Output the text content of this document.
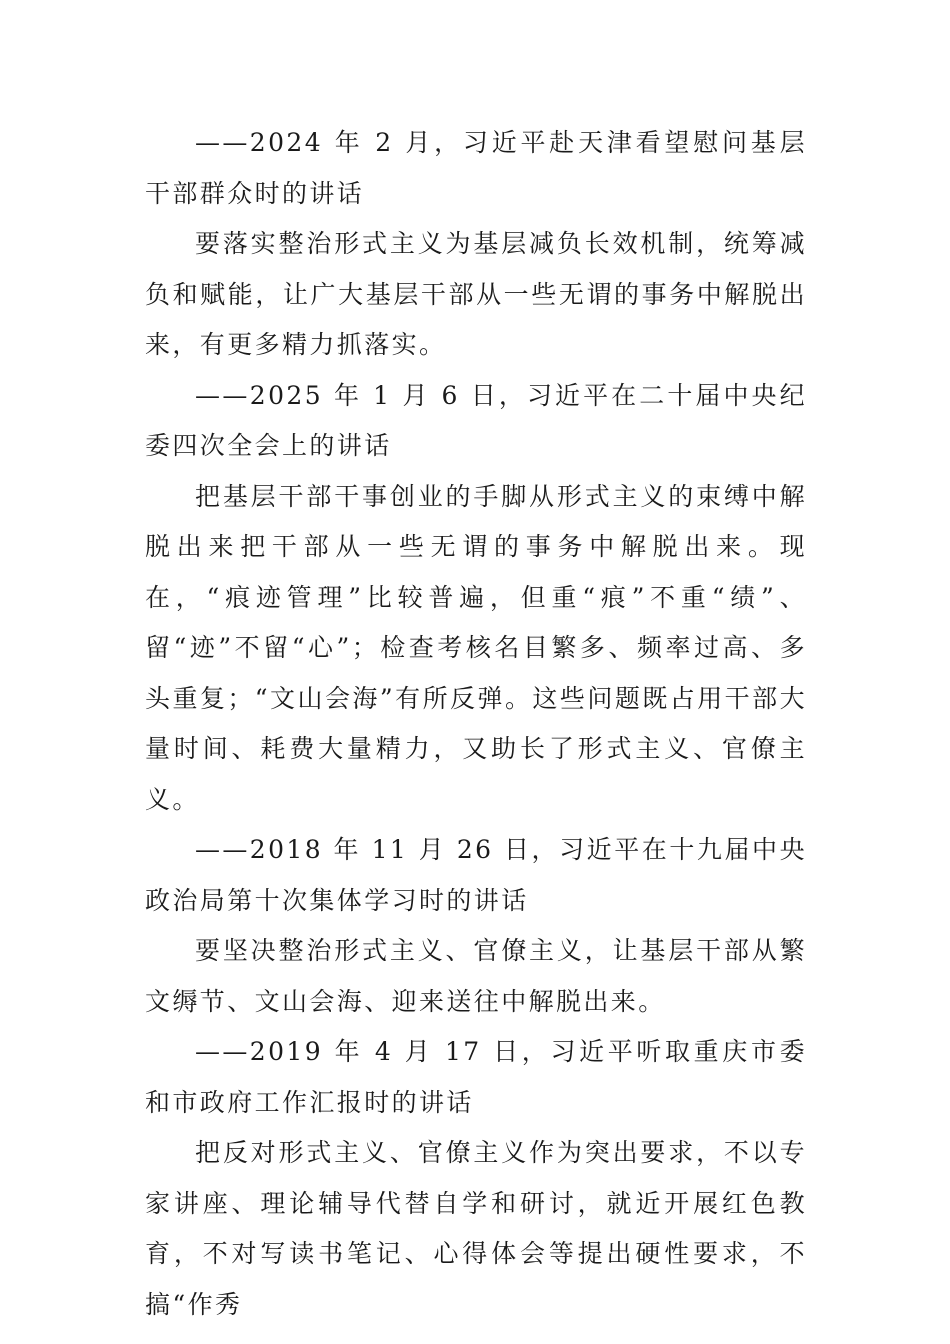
——2024 年 2 月，习近平赴天津看望慰问基层干部群众时的讲话

要落实整治形式主义为基层减负长效机制，统筹减负和赋能，让广大基层干部从一些无谓的事务中解脱出来，有更多精力抓落实。

——2025 年 1 月 6 日，习近平在二十届中央纪委四次全会上的讲话

把基层干部干事创业的手脚从形式主义的束缚中解脱出来把干部从一些无谓的事务中解脱出来。现在，“痕迹管理”比较普遍，但重“痕”不重“绩”、留“迹”不留“心”；检查考核名目繁多、频率过高、多头重复；“文山会海”有所反弹。这些问题既占用干部大量时间、耗费大量精力，又助长了形式主义、官僚主义。

——2018 年 11 月 26 日，习近平在十九届中央政治局第十次集体学习时的讲话

要坚决整治形式主义、官僚主义，让基层干部从繁文缛节、文山会海、迎来送往中解脱出来。

——2019 年 4 月 17 日，习近平听取重庆市委和市政府工作汇报时的讲话

把反对形式主义、官僚主义作为突出要求，不以专家讲座、理论辅导代替自学和研讨，就近开展红色教育，不对写读书笔记、心得体会等提出硬性要求，不搞“作秀
